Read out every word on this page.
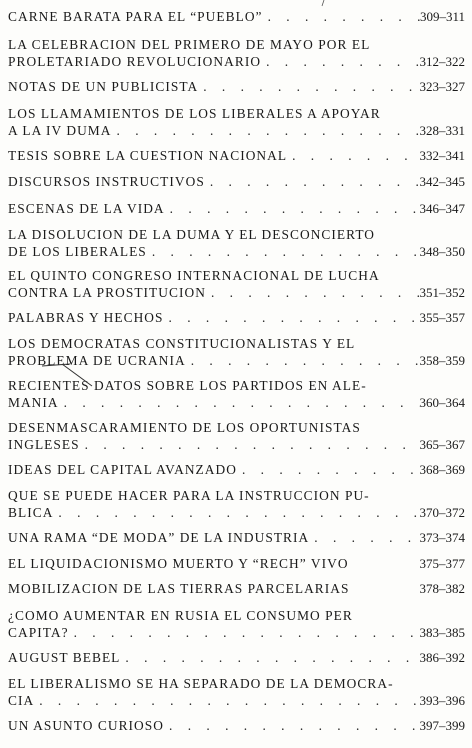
CARNE BARATA PARA EL “PUEBLO” . . .	309–311
LA CELEBRACION DEL PRIMERO DE MAYO POR EL
PROLETARIADO REVOLUCIONARIO . . .	312–322
NOTAS DE UN PUBLICISTA . . .	323–327
LOS LLAMAMIENTOS DE LOS LIBERALES A APOYAR
A LA IV DUMA . . .	328–331
TESIS SOBRE LA CUESTION NACIONAL . . .	332–341
DISCURSOS INSTRUCTIVOS . . .	342–345
ESCENAS DE LA VIDA . . .	346–347
LA DISOLUCION DE LA DUMA Y EL DESCONCIERTO
DE LOS LIBERALES . . .	348–350
EL QUINTO CONGRESO INTERNACIONAL DE LUCHA
CONTRA LA PROSTITUCION . . .	351–352
PALABRAS Y HECHOS . . .	355–357
LOS DEMOCRATAS CONSTITUCIONALISTAS Y EL
PROBLEMA DE UCRANIA . . .	358–359
RECIENTES DATOS SOBRE LOS PARTIDOS EN ALE-
MANIA . . .	360–364
DESENMASCARAMIENTO DE LOS OPORTUNISTAS
INGLESES . . .	365–367
IDEAS DEL CAPITAL AVANZADO . . .	368–369
QUE SE PUEDE HACER PARA LA INSTRUCCION PU-
BLICA . . .	370–372
UNA RAMA “DE MODA” DE LA INDUSTRIA . . .	373–374
EL LIQUIDACIONISMO MUERTO Y “RECH” VIVO	375–377
MOBILIZACION DE LAS TIERRAS PARCELARIAS	378–382
¿COMO AUMENTAR EN RUSIA EL CONSUMO PER
CAPITA? . . .	383–385
AUGUST BEBEL . . .	386–392
EL LIBERALISMO SE HA SEPARADO DE LA DEMOCRA-
CIA . . .	393–396
UN ASUNTO CURIOSO . . .	397–399
